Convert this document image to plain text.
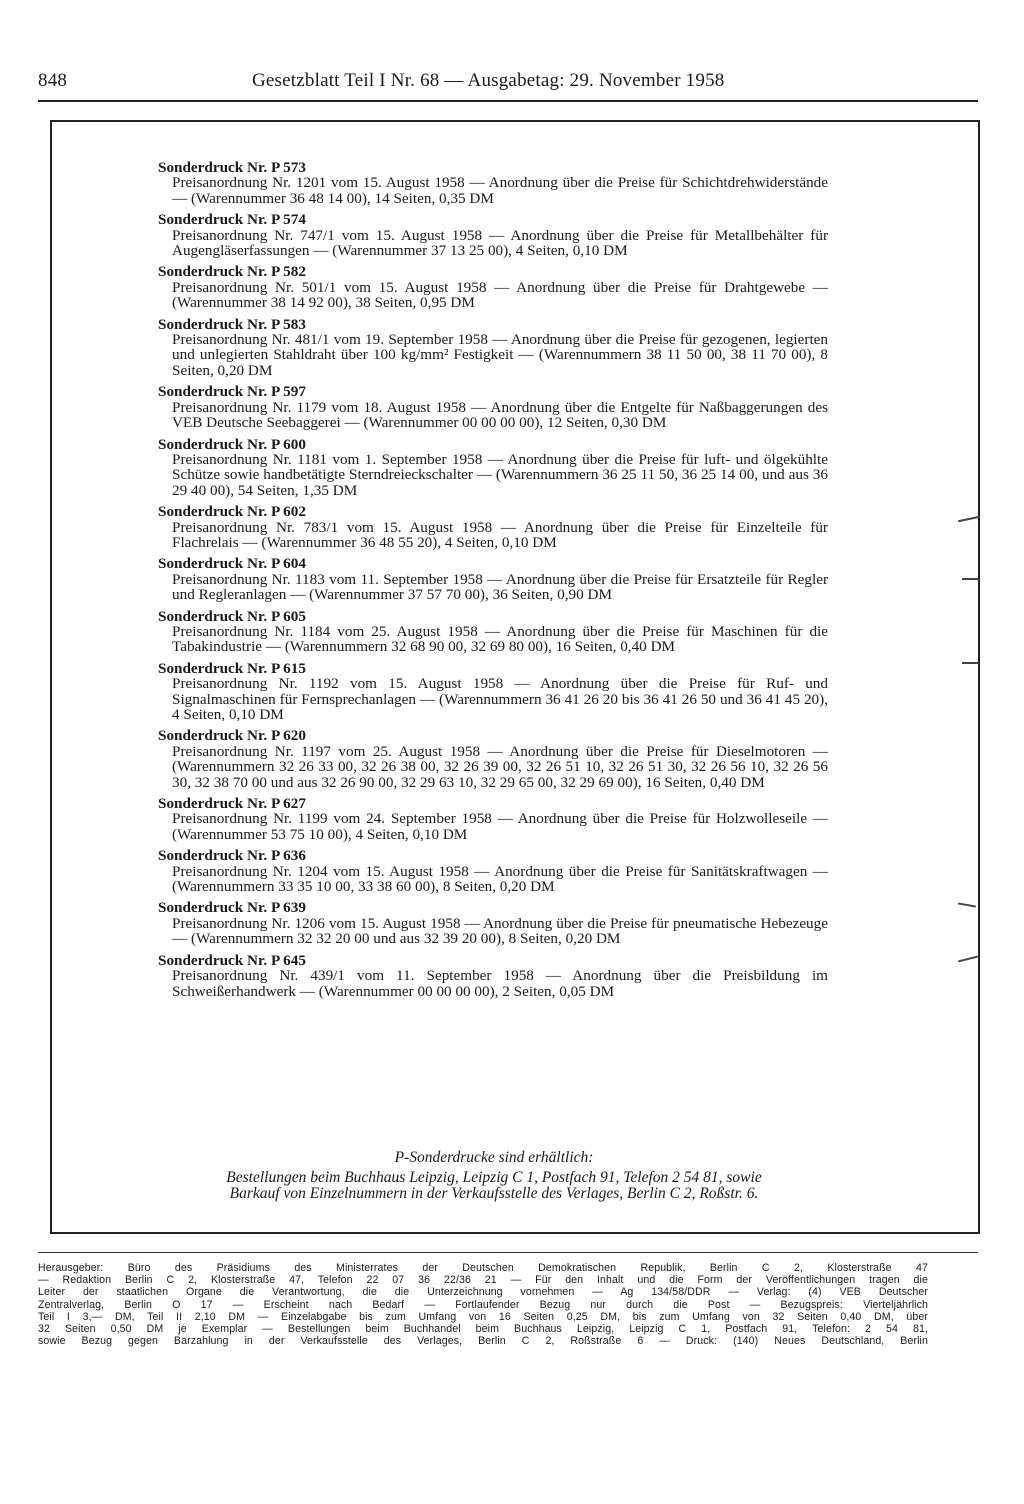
848	Gesetzblatt Teil I Nr. 68 — Ausgabetag: 29. November 1958
Sonderdruck Nr. P 573
Preisanordnung Nr. 1201 vom 15. August 1958 — Anordnung über die Preise für Schichtdrehwiderstände — (Warennummer 36 48 14 00), 14 Seiten, 0,35 DM
Sonderdruck Nr. P 574
Preisanordnung Nr. 747/1 vom 15. August 1958 — Anordnung über die Preise für Metallbehälter für Augengläserfassungen — (Warennummer 37 13 25 00), 4 Seiten, 0,10 DM
Sonderdruck Nr. P 582
Preisanordnung Nr. 501/1 vom 15. August 1958 — Anordnung über die Preise für Drahtgewebe — (Warennummer 38 14 92 00), 38 Seiten, 0,95 DM
Sonderdruck Nr. P 583
Preisanordnung Nr. 481/1 vom 19. September 1958 — Anordnung über die Preise für gezogenen, legierten und unlegierten Stahldraht über 100 kg/mm² Festigkeit — (Warennummern 38 11 50 00, 38 11 70 00), 8 Seiten, 0,20 DM
Sonderdruck Nr. P 597
Preisanordnung Nr. 1179 vom 18. August 1958 — Anordnung über die Entgelte für Naßbaggerungen des VEB Deutsche Seebaggerei — (Warennummer 00 00 00 00), 12 Seiten, 0,30 DM
Sonderdruck Nr. P 600
Preisanordnung Nr. 1181 vom 1. September 1958 — Anordnung über die Preise für luft- und ölgekühlte Schütze sowie handbetätigte Sterndreieckschalter — (Warennummern 36 25 11 50, 36 25 14 00, und aus 36 29 40 00), 54 Seiten, 1,35 DM
Sonderdruck Nr. P 602
Preisanordnung Nr. 783/1 vom 15. August 1958 — Anordnung über die Preise für Einzelteile für Flachrelais — (Warennummer 36 48 55 20), 4 Seiten, 0,10 DM
Sonderdruck Nr. P 604
Preisanordnung Nr. 1183 vom 11. September 1958 — Anordnung über die Preise für Ersatzteile für Regler und Regleranlagen — (Warennummer 37 57 70 00), 36 Seiten, 0,90 DM
Sonderdruck Nr. P 605
Preisanordnung Nr. 1184 vom 25. August 1958 — Anordnung über die Preise für Maschinen für die Tabakindustrie — (Warennummern 32 68 90 00, 32 69 80 00), 16 Seiten, 0,40 DM
Sonderdruck Nr. P 615
Preisanordnung Nr. 1192 vom 15. August 1958 — Anordnung über die Preise für Ruf- und Signalmaschinen für Fernsprechanlagen — (Warennummern 36 41 26 20 bis 36 41 26 50 und 36 41 45 20), 4 Seiten, 0,10 DM
Sonderdruck Nr. P 620
Preisanordnung Nr. 1197 vom 25. August 1958 — Anordnung über die Preise für Dieselmotoren — (Warennummern 32 26 33 00, 32 26 38 00, 32 26 39 00, 32 26 51 10, 32 26 51 30, 32 26 56 10, 32 26 56 30, 32 38 70 00 und aus 32 26 90 00, 32 29 63 10, 32 29 65 00, 32 29 69 00), 16 Seiten, 0,40 DM
Sonderdruck Nr. P 627
Preisanordnung Nr. 1199 vom 24. September 1958 — Anordnung über die Preise für Holzwolleseile — (Warennummer 53 75 10 00), 4 Seiten, 0,10 DM
Sonderdruck Nr. P 636
Preisanordnung Nr. 1204 vom 15. August 1958 — Anordnung über die Preise für Sanitätskraftwagen — (Warennummern 33 35 10 00, 33 38 60 00), 8 Seiten, 0,20 DM
Sonderdruck Nr. P 639
Preisanordnung Nr. 1206 vom 15. August 1958 — Anordnung über die Preise für pneumatische Hebezeuge — (Warennummern 32 32 20 00 und aus 32 39 20 00), 8 Seiten, 0,20 DM
Sonderdruck Nr. P 645
Preisanordnung Nr. 439/1 vom 11. September 1958 — Anordnung über die Preisbildung im Schweißerhandwerk — (Warennummer 00 00 00 00), 2 Seiten, 0,05 DM
P-Sonderdrucke sind erhältlich:
Bestellungen beim Buchhaus Leipzig, Leipzig C 1, Postfach 91, Telefon 2 54 81, sowie
Barkauf von Einzelnummern in der Verkaufsstelle des Verlages, Berlin C 2, Roßstr. 6.
Herausgeber: Büro des Präsidiums des Ministerrates der Deutschen Demokratischen Republik, Berlin C 2, Klosterstraße 47
— Redaktion Berlin C 2, Klosterstraße 47, Telefon 22 07 36 22/36 21 — Für den Inhalt und die Form der Veröffentlichungen tragen die
Leiter der staatlichen Organe die Verantwortung, die die Unterzeichnung vornehmen — Ag 134/58/DDR — Verlag: (4) VEB Deutscher
Zentralverlag, Berlin O 17 — Erscheint nach Bedarf — Fortlaufender Bezug nur durch die Post — Bezugspreis: Vierteljährlich
Teil I 3,— DM, Teil II 2,10 DM — Einzelabgabe bis zum Umfang von 16 Seiten 0,25 DM, bis zum Umfang von 32 Seiten 0,40 DM, über
32 Seiten 0,50 DM je Exemplar — Bestellungen beim Buchhandel beim Buchhaus Leipzig, Leipzig C 1, Postfach 91, Telefon: 2 54 81,
sowie Bezug gegen Barzahlung in der Verkaufsstelle des Verlages, Berlin C 2, Roßstraße 6 — Druck: (140) Neues Deutschland, Berlin
